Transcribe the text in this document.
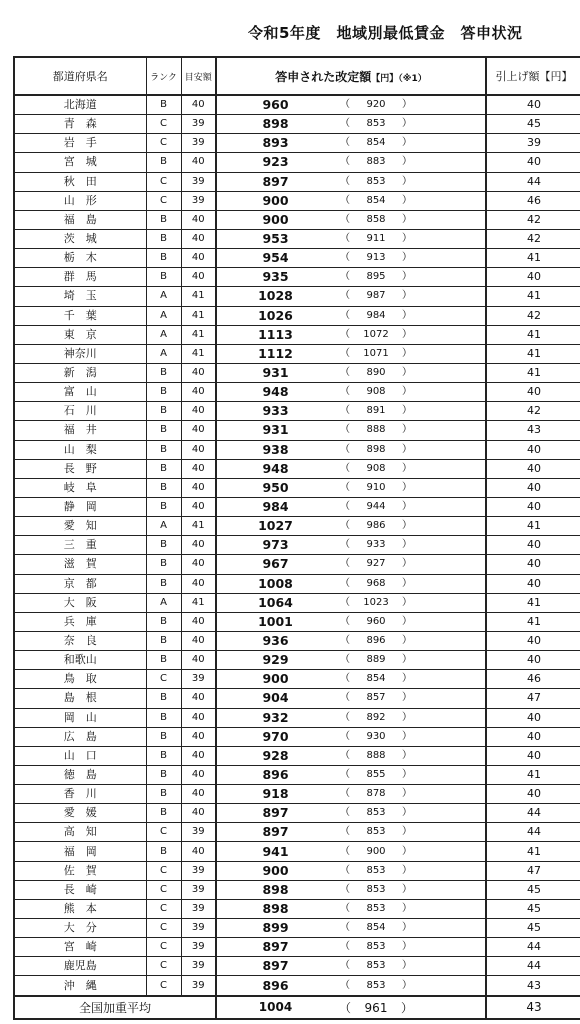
令和5年度　地域別最低賃金　答申状況
都道府県名	ランク	目安額	答申された改定額【円】（※1）		引上げ額【円】
北海道	B	40	960	（ 920 ）	40
青　森	C	39	898	（ 853 ）	45
岩　手	C	39	893	（ 854 ）	39
宮　城	B	40	923	（ 883 ）	40
秋　田	C	39	897	（ 853 ）	44
山　形	C	39	900	（ 854 ）	46
福　島	B	40	900	（ 858 ）	42
茨　城	B	40	953	（ 911 ）	42
栃　木	B	40	954	（ 913 ）	41
群　馬	B	40	935	（ 895 ）	40
埼　玉	A	41	1028	（ 987 ）	41
千　葉	A	41	1026	（ 984 ）	42
東　京	A	41	1113	（ 1072 ）	41
神奈川	A	41	1112	（ 1071 ）	41
新　潟	B	40	931	（ 890 ）	41
富　山	B	40	948	（ 908 ）	40
石　川	B	40	933	（ 891 ）	42
福　井	B	40	931	（ 888 ）	43
山　梨	B	40	938	（ 898 ）	40
長　野	B	40	948	（ 908 ）	40
岐　阜	B	40	950	（ 910 ）	40
静　岡	B	40	984	（ 944 ）	40
愛　知	A	41	1027	（ 986 ）	41
三　重	B	40	973	（ 933 ）	40
滋　賀	B	40	967	（ 927 ）	40
京　都	B	40	1008	（ 968 ）	40
大　阪	A	41	1064	（ 1023 ）	41
兵　庫	B	40	1001	（ 960 ）	41
奈　良	B	40	936	（ 896 ）	40
和歌山	B	40	929	（ 889 ）	40
鳥　取	C	39	900	（ 854 ）	46
島　根	B	40	904	（ 857 ）	47
岡　山	B	40	932	（ 892 ）	40
広　島	B	40	970	（ 930 ）	40
山　口	B	40	928	（ 888 ）	40
徳　島	B	40	896	（ 855 ）	41
香　川	B	40	918	（ 878 ）	40
愛　媛	B	40	897	（ 853 ）	44
高　知	C	39	897	（ 853 ）	44
福　岡	B	40	941	（ 900 ）	41
佐　賀	C	39	900	（ 853 ）	47
長　崎	C	39	898	（ 853 ）	45
熊　本	C	39	898	（ 853 ）	45
大　分	C	39	899	（ 854 ）	45
宮　崎	C	39	897	（ 853 ）	44
鹿児島	C	39	897	（ 853 ）	44
沖　縄	C	39	896	（ 853 ）	43
全国加重平均			1004	（ 961 ）	43
